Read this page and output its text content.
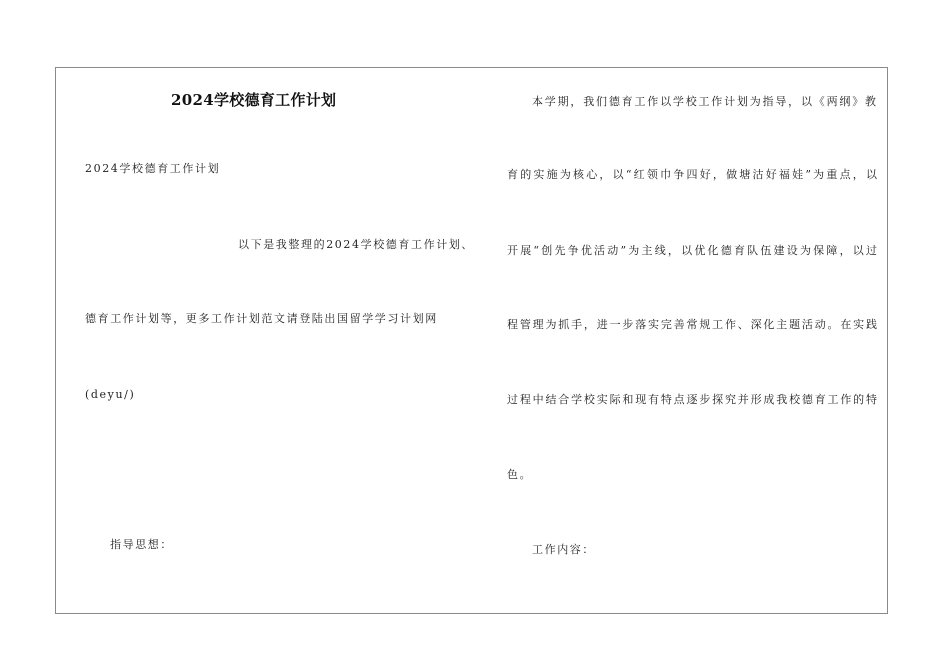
2024学校德育工作计划
2024学校德育工作计划
以下是我整理的2024学校德育工作计划、
德育工作计划等，更多工作计划范文请登陆出国留学学习计划网
(deyu/)
指导思想：
本学期，我们德育工作以学校工作计划为指导，以《两纲》教
育的实施为核心，以“红领巾争四好，做塘沽好福娃”为重点，以
开展“创先争优活动”为主线，以优化德育队伍建设为保障，以过
程管理为抓手，进一步落实完善常规工作、深化主题活动。在实践
过程中结合学校实际和现有特点逐步探究并形成我校德育工作的特
色。
工作内容：
